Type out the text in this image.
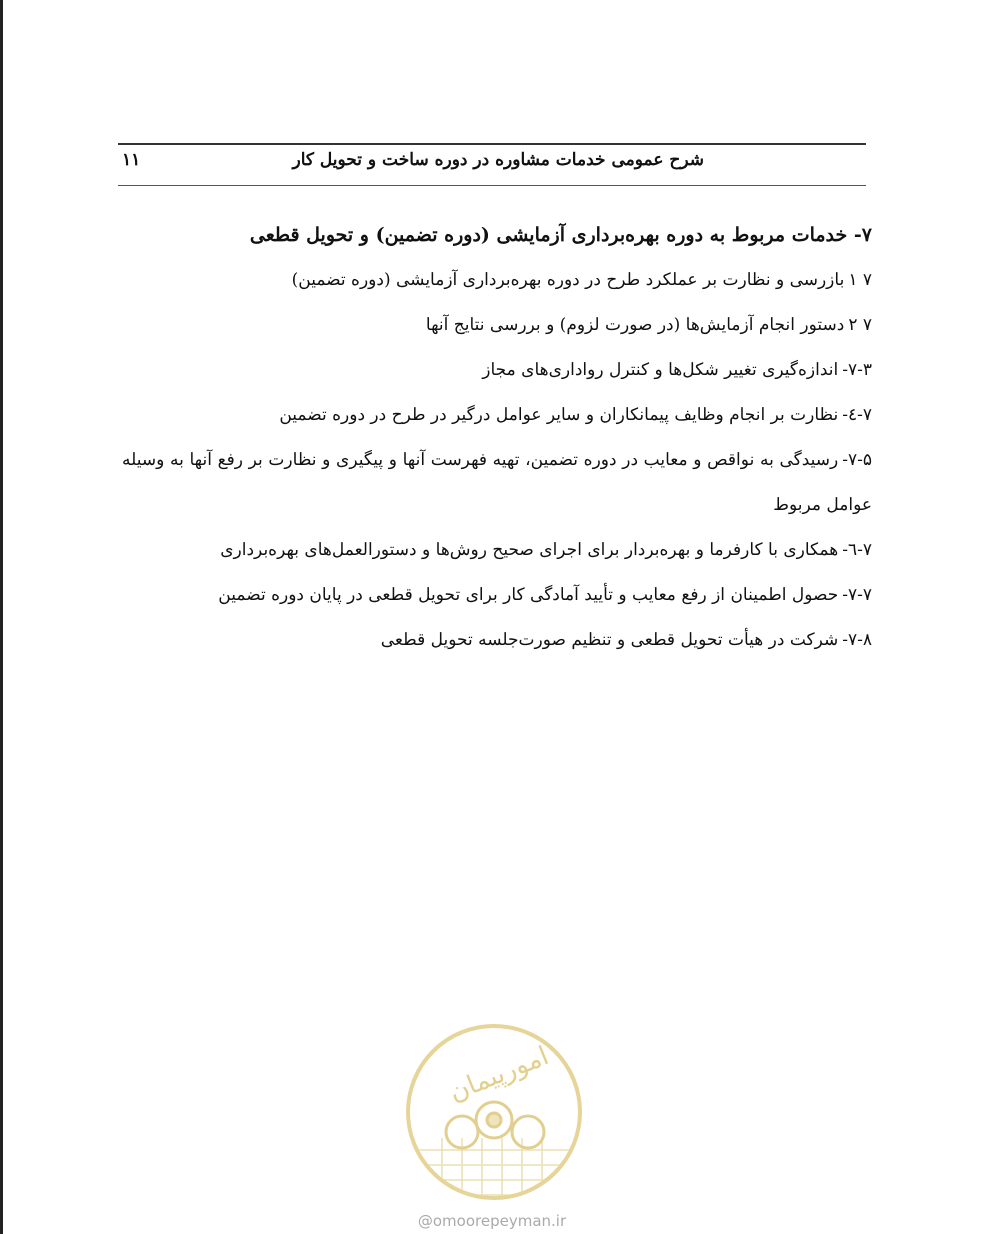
شرح عمومی خدمات مشاوره در دوره ساخت و تحویل کار
۱۱
۷- خدمات مربوط به دوره بهره‌برداری آزمایشی (دوره تضمین) و تحویل قطعی
۷ ۱بازرسی و نظارت بر عملکرد طرح در دوره بهره‌برداری آزمایشی (دوره تضمین)
۷ ۲دستور انجام آزمایش‌ها (در صورت لزوم) و بررسی نتایج آنها
۷-۳-اندازه‌گیری تغییر شکل‌ها و کنترل رواداری‌های مجاز
۷-٤-نظارت بر انجام وظایف پیمانکاران و سایر عوامل درگیر در طرح در دوره تضمین
۷-۵-رسیدگی به نواقص و معایب در دوره تضمین، تهیه فهرست آنها و پیگیری و نظارت بر رفع آنها به وسیله عوامل مربوط
۷-٦-همکاری با کارفرما و بهره‌بردار برای اجرای صحیح روش‌ها و دستورالعمل‌های بهره‌برداری
۷-۷-حصول اطمینان از رفع معایب و تأیید آمادگی کار برای تحویل قطعی در پایان دوره تضمین
۷-۸-شرکت در هیأت تحویل قطعی و تنظیم صورت‌جلسه تحویل قطعی
امورپیمان
@omoorepeyman.ir
